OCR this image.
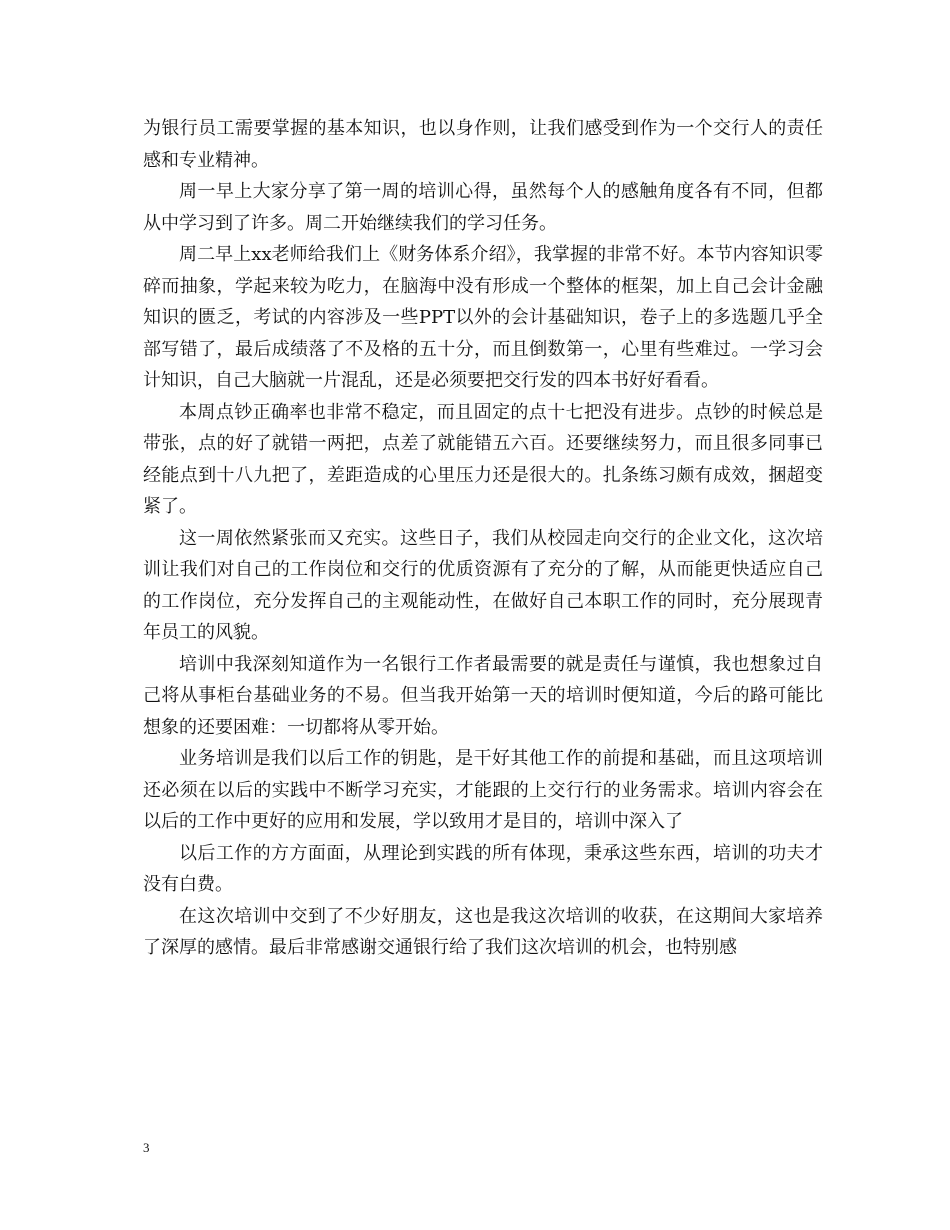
为银行员工需要掌握的基本知识，也以身作则，让我们感受到作为一个交行人的责任感和专业精神。

周一早上大家分享了第一周的培训心得，虽然每个人的感触角度各有不同，但都从中学习到了许多。周二开始继续我们的学习任务。

周二早上xx老师给我们上《财务体系介绍》，我掌握的非常不好。本节内容知识零碎而抽象，学起来较为吃力，在脑海中没有形成一个整体的框架，加上自己会计金融知识的匮乏，考试的内容涉及一些PPT以外的会计基础知识，卷子上的多选题几乎全部写错了，最后成绩落了不及格的五十分，而且倒数第一，心里有些难过。一学习会计知识，自己大脑就一片混乱，还是必须要把交行发的四本书好好看看。

本周点钞正确率也非常不稳定，而且固定的点十七把没有进步。点钞的时候总是带张，点的好了就错一两把，点差了就能错五六百。还要继续努力，而且很多同事已经能点到十八九把了，差距造成的心里压力还是很大的。扎条练习颇有成效，捆超变紧了。

这一周依然紧张而又充实。这些日子，我们从校园走向交行的企业文化，这次培训让我们对自己的工作岗位和交行的优质资源有了充分的了解，从而能更快适应自己的工作岗位，充分发挥自己的主观能动性，在做好自己本职工作的同时，充分展现青年员工的风貌。

培训中我深刻知道作为一名银行工作者最需要的就是责任与谨慎，我也想象过自己将从事柜台基础业务的不易。但当我开始第一天的培训时便知道，今后的路可能比想象的还要困难：一切都将从零开始。

业务培训是我们以后工作的钥匙，是干好其他工作的前提和基础，而且这项培训还必须在以后的实践中不断学习充实，才能跟的上交行行的业务需求。培训内容会在以后的工作中更好的应用和发展，学以致用才是目的，培训中深入了

以后工作的方方面面，从理论到实践的所有体现，秉承这些东西，培训的功夫才没有白费。

在这次培训中交到了不少好朋友，这也是我这次培训的收获，在这期间大家培养了深厚的感情。最后非常感谢交通银行给了我们这次培训的机会，也特别感

3
